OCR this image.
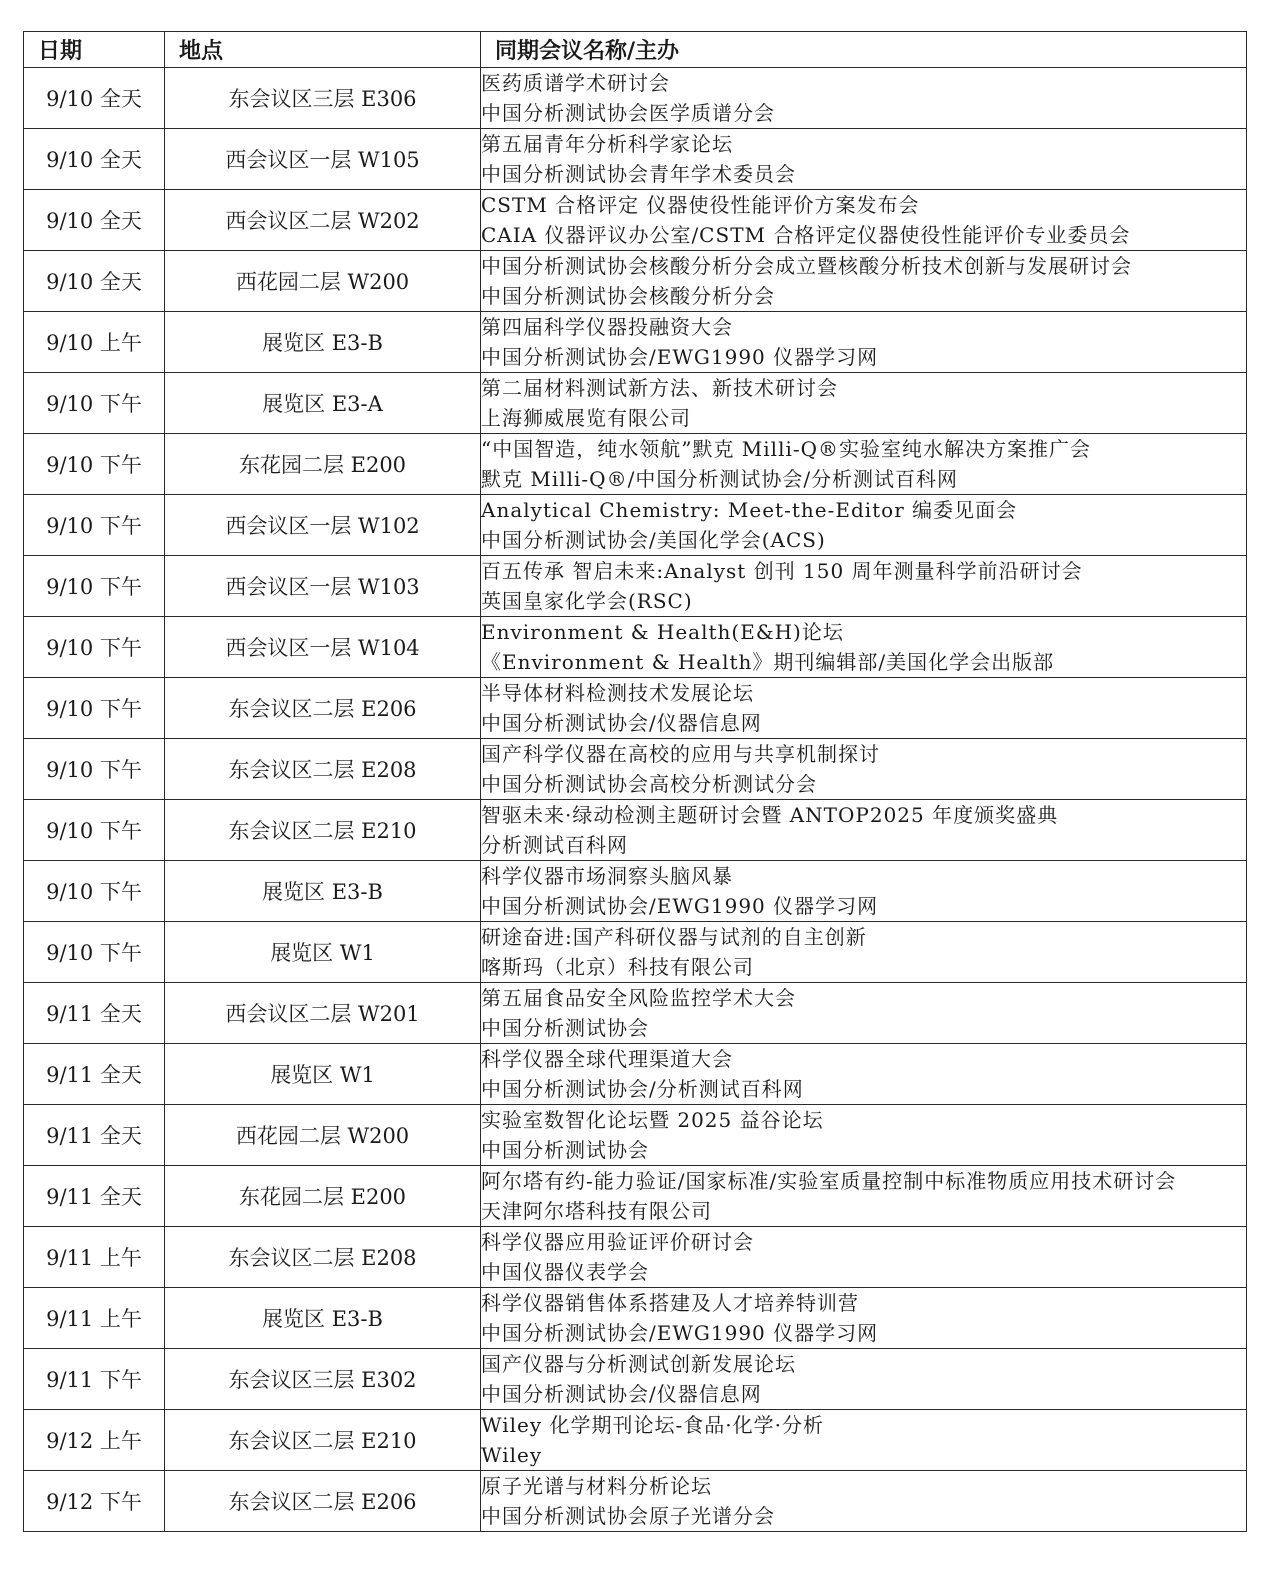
日期	地点	同期会议名称/主办
9/10 全天	东会议区三层 E306	医药质谱学术研讨会
中国分析测试协会医学质谱分会

9/10 全天	西会议区一层 W105	第五届青年分析科学家论坛
中国分析测试协会青年学术委员会

9/10 全天	西会议区二层 W202	CSTM 合格评定 仪器使役性能评价方案发布会
CAIA 仪器评议办公室/CSTM 合格评定仪器使役性能评价专业委员会

9/10 全天	西花园二层 W200	中国分析测试协会核酸分析分会成立暨核酸分析技术创新与发展研讨会
中国分析测试协会核酸分析分会

9/10 上午	展览区 E3-B	第四届科学仪器投融资大会
中国分析测试协会/EWG1990 仪器学习网

9/10 下午	展览区 E3-A	第二届材料测试新方法、新技术研讨会
上海狮威展览有限公司

9/10 下午	东花园二层 E200	“中国智造，纯水领航”默克 Milli-Q®实验室纯水解决方案推广会
默克 Milli-Q®/中国分析测试协会/分析测试百科网

9/10 下午	西会议区一层 W102	Analytical Chemistry: Meet-the-Editor 编委见面会
中国分析测试协会/美国化学会(ACS)

9/10 下午	西会议区一层 W103	百五传承 智启未来:Analyst 创刊 150 周年测量科学前沿研讨会
英国皇家化学会(RSC)

9/10 下午	西会议区一层 W104	Environment & Health(E&H)论坛
《Environment & Health》期刊编辑部/美国化学会出版部

9/10 下午	东会议区二层 E206	半导体材料检测技术发展论坛
中国分析测试协会/仪器信息网

9/10 下午	东会议区二层 E208	国产科学仪器在高校的应用与共享机制探讨
中国分析测试协会高校分析测试分会

9/10 下午	东会议区二层 E210	智驱未来·绿动检测主题研讨会暨 ANTOP2025 年度颁奖盛典
分析测试百科网

9/10 下午	展览区 E3-B	科学仪器市场洞察头脑风暴
中国分析测试协会/EWG1990 仪器学习网

9/10 下午	展览区 W1	研途奋进:国产科研仪器与试剂的自主创新
喀斯玛（北京）科技有限公司

9/11 全天	西会议区二层 W201	第五届食品安全风险监控学术大会
中国分析测试协会

9/11 全天	展览区 W1	科学仪器全球代理渠道大会
中国分析测试协会/分析测试百科网

9/11 全天	西花园二层 W200	实验室数智化论坛暨 2025 益谷论坛
中国分析测试协会

9/11 全天	东花园二层 E200	阿尔塔有约-能力验证/国家标准/实验室质量控制中标准物质应用技术研讨会
天津阿尔塔科技有限公司

9/11 上午	东会议区二层 E208	科学仪器应用验证评价研讨会
中国仪器仪表学会

9/11 上午	展览区 E3-B	科学仪器销售体系搭建及人才培养特训营
中国分析测试协会/EWG1990 仪器学习网

9/11 下午	东会议区三层 E302	国产仪器与分析测试创新发展论坛
中国分析测试协会/仪器信息网

9/12 上午	东会议区二层 E210	Wiley 化学期刊论坛-食品·化学·分析
Wiley

9/12 下午	东会议区二层 E206	原子光谱与材料分析论坛
中国分析测试协会原子光谱分会
